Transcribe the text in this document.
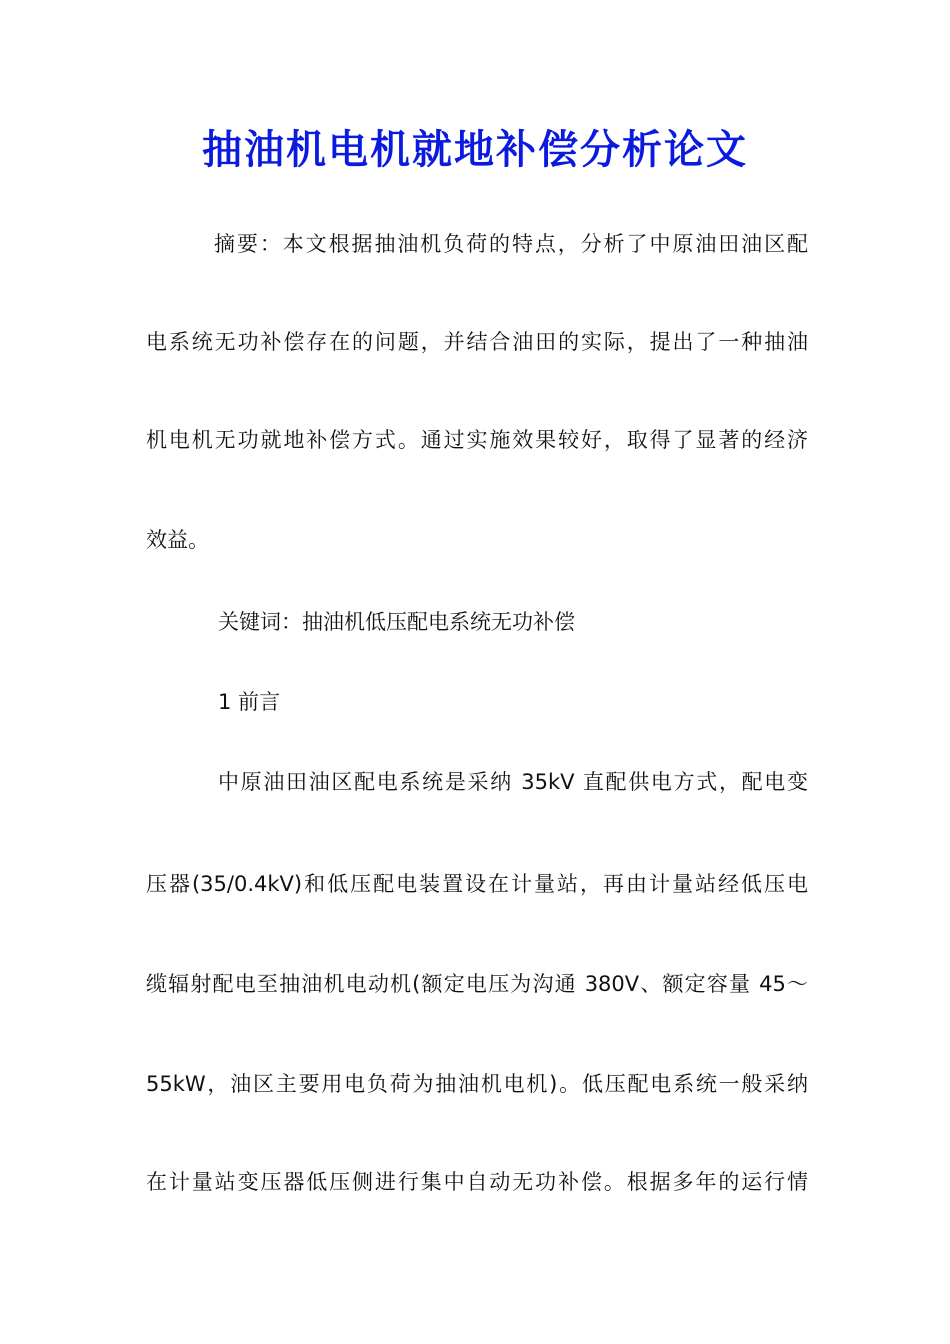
抽油机电机就地补偿分析论文
摘要：本文根据抽油机负荷的特点，分析了中原油田油区配
电系统无功补偿存在的问题，并结合油田的实际，提出了一种抽油
机电机无功就地补偿方式。通过实施效果较好，取得了显著的经济
效益。
关键词：抽油机低压配电系统无功补偿
1 前言
中原油田油区配电系统是采纳 35kV 直配供电方式，配电变
压器(35/0.4kV)和低压配电装置设在计量站，再由计量站经低压电
缆辐射配电至抽油机电动机(额定电压为沟通 380V、额定容量 45～
55kW，油区主要用电负荷为抽油机电机)。低压配电系统一般采纳
在计量站变压器低压侧进行集中自动无功补偿。根据多年的运行情
